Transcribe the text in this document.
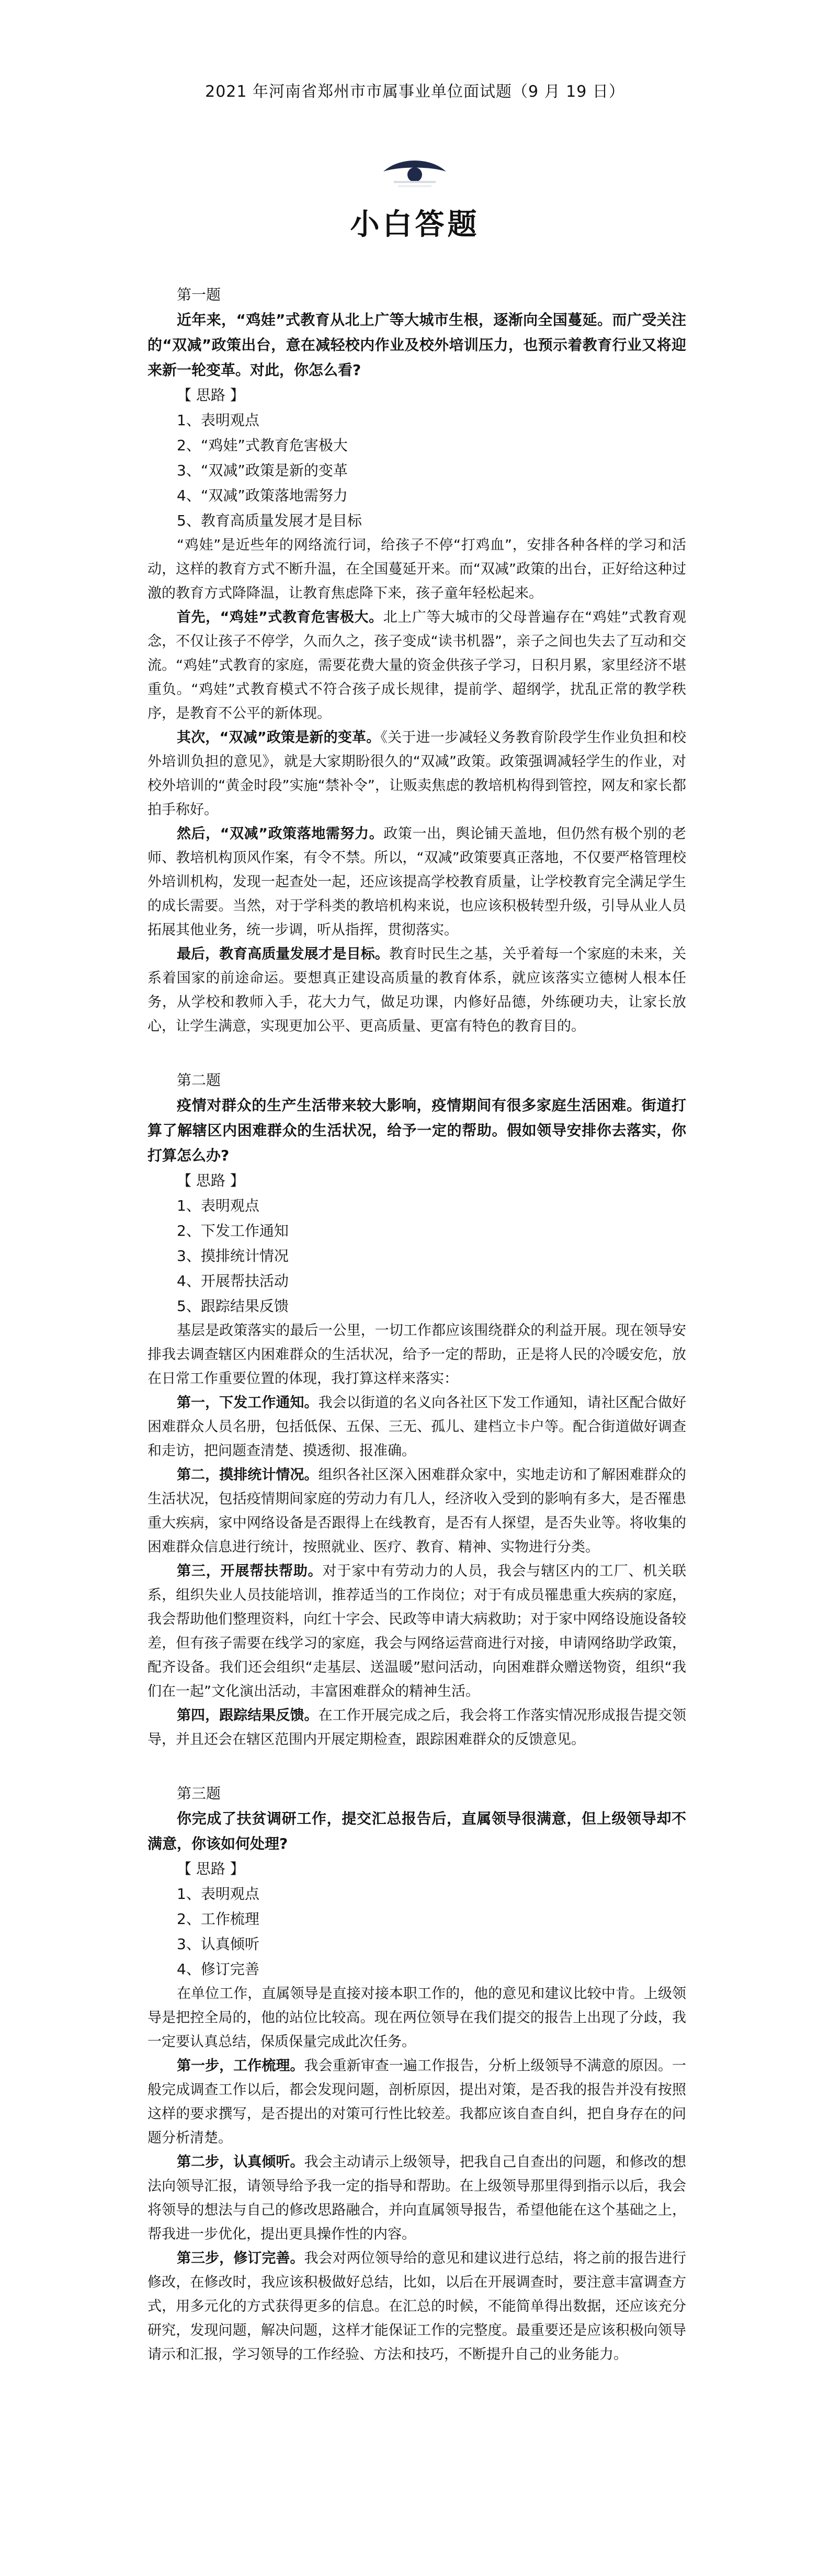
2021 年河南省郑州市市属事业单位面试题（9 月 19 日）
小白答题
第一题

近年来，“鸡娃”式教育从北上广等大城市生根，逐渐向全国蔓延。而广受关注的“双减”政策出台，意在减轻校内作业及校外培训压力，也预示着教育行业又将迎来新一轮变革。对此，你怎么看?

【 思路 】
1、表明观点
2、“鸡娃”式教育危害极大
3、“双减”政策是新的变革
4、“双减”政策落地需努力
5、教育高质量发展才是目标

“鸡娃”是近些年的网络流行词，给孩子不停“打鸡血”，安排各种各样的学习和活动，这样的教育方式不断升温，在全国蔓延开来。而“双减”政策的出台，正好给这种过激的教育方式降降温，让教育焦虑降下来，孩子童年轻松起来。

首先，“鸡娃”式教育危害极大。北上广等大城市的父母普遍存在“鸡娃”式教育观念，不仅让孩子不停学，久而久之，孩子变成“读书机器”，亲子之间也失去了互动和交流。“鸡娃”式教育的家庭，需要花费大量的资金供孩子学习，日积月累，家里经济不堪重负。“鸡娃”式教育模式不符合孩子成长规律，提前学、超纲学，扰乱正常的教学秩序，是教育不公平的新体现。

其次，“双减”政策是新的变革。《关于进一步减轻义务教育阶段学生作业负担和校外培训负担的意见》，就是大家期盼很久的“双减”政策。政策强调减轻学生的作业，对校外培训的“黄金时段”实施“禁补令”，让贩卖焦虑的教培机构得到管控，网友和家长都拍手称好。

然后，“双减”政策落地需努力。政策一出，舆论铺天盖地，但仍然有极个别的老师、教培机构顶风作案，有令不禁。所以，“双减”政策要真正落地，不仅要严格管理校外培训机构，发现一起查处一起，还应该提高学校教育质量，让学校教育完全满足学生的成长需要。当然，对于学科类的教培机构来说，也应该积极转型升级，引导从业人员拓展其他业务，统一步调，听从指挥，贯彻落实。

最后，教育高质量发展才是目标。教育时民生之基，关乎着每一个家庭的未来，关系着国家的前途命运。要想真正建设高质量的教育体系，就应该落实立德树人根本任务，从学校和教师入手，花大力气，做足功课，内修好品德，外练硬功夫，让家长放心，让学生满意，实现更加公平、更高质量、更富有特色的教育目的。

第二题

疫情对群众的生产生活带来较大影响，疫情期间有很多家庭生活困难。街道打算了解辖区内困难群众的生活状况，给予一定的帮助。假如领导安排你去落实，你打算怎么办?

【 思路 】
1、表明观点
2、下发工作通知
3、摸排统计情况
4、开展帮扶活动
5、跟踪结果反馈

基层是政策落实的最后一公里，一切工作都应该围绕群众的利益开展。现在领导安排我去调查辖区内困难群众的生活状况，给予一定的帮助，正是将人民的冷暖安危，放在日常工作重要位置的体现，我打算这样来落实：

第一，下发工作通知。我会以街道的名义向各社区下发工作通知，请社区配合做好困难群众人员名册，包括低保、五保、三无、孤儿、建档立卡户等。配合街道做好调查和走访，把问题查清楚、摸透彻、报准确。

第二，摸排统计情况。组织各社区深入困难群众家中，实地走访和了解困难群众的生活状况，包括疫情期间家庭的劳动力有几人，经济收入受到的影响有多大，是否罹患重大疾病，家中网络设备是否跟得上在线教育，是否有人探望，是否失业等。将收集的困难群众信息进行统计，按照就业、医疗、教育、精神、实物进行分类。

第三，开展帮扶帮助。对于家中有劳动力的人员，我会与辖区内的工厂、机关联系，组织失业人员技能培训，推荐适当的工作岗位；对于有成员罹患重大疾病的家庭，我会帮助他们整理资料，向红十字会、民政等申请大病救助；对于家中网络设施设备较差，但有孩子需要在线学习的家庭，我会与网络运营商进行对接，申请网络助学政策，配齐设备。我们还会组织“走基层、送温暖”慰问活动，向困难群众赠送物资，组织“我们在一起”文化演出活动，丰富困难群众的精神生活。

第四，跟踪结果反馈。在工作开展完成之后，我会将工作落实情况形成报告提交领导，并且还会在辖区范围内开展定期检查，跟踪困难群众的反馈意见。

第三题

你完成了扶贫调研工作，提交汇总报告后，直属领导很满意，但上级领导却不满意，你该如何处理?

【 思路 】
1、表明观点
2、工作梳理
3、认真倾听
4、修订完善

在单位工作，直属领导是直接对接本职工作的，他的意见和建议比较中肯。上级领导是把控全局的，他的站位比较高。现在两位领导在我们提交的报告上出现了分歧，我一定要认真总结，保质保量完成此次任务。

第一步，工作梳理。我会重新审查一遍工作报告，分析上级领导不满意的原因。一般完成调查工作以后，都会发现问题，剖析原因，提出对策，是否我的报告并没有按照这样的要求撰写，是否提出的对策可行性比较差。我都应该自查自纠，把自身存在的问题分析清楚。

第二步，认真倾听。我会主动请示上级领导，把我自己自查出的问题，和修改的想法向领导汇报，请领导给予我一定的指导和帮助。在上级领导那里得到指示以后，我会将领导的想法与自己的修改思路融合，并向直属领导报告，希望他能在这个基础之上，帮我进一步优化，提出更具操作性的内容。

第三步，修订完善。我会对两位领导给的意见和建议进行总结，将之前的报告进行修改，在修改时，我应该积极做好总结，比如，以后在开展调查时，要注意丰富调查方式，用多元化的方式获得更多的信息。在汇总的时候，不能简单得出数据，还应该充分研究，发现问题，解决问题，这样才能保证工作的完整度。最重要还是应该积极向领导请示和汇报，学习领导的工作经验、方法和技巧，不断提升自己的业务能力。
